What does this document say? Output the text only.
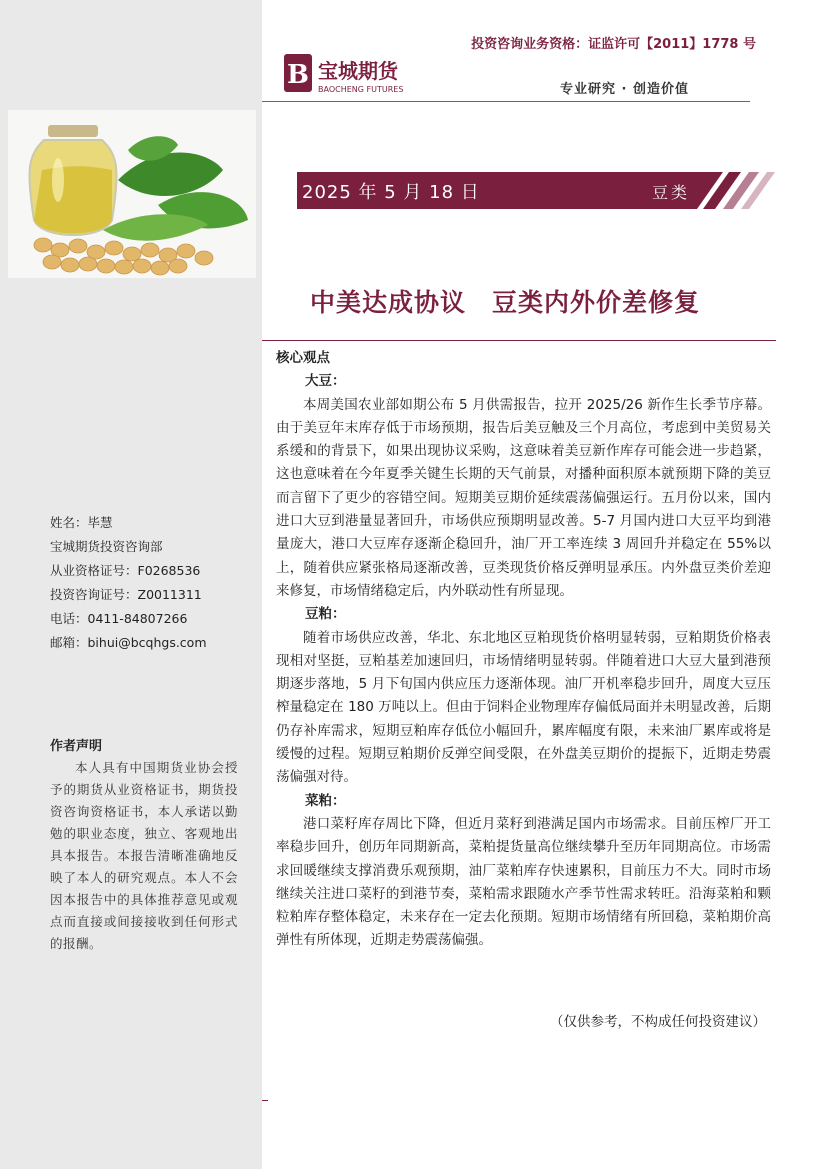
姓名：毕慧
宝城期货投资咨询部
从业资格证号：F0268536
投资咨询证号：Z0011311
电话：0411-84807266
邮箱：bihui@bcqhgs.com
作者声明
本人具有中国期货业协会授予的期货从业资格证书，期货投资咨询资格证书，本人承诺以勤勉的职业态度，独立、客观地出具本报告。本报告清晰准确地反映了本人的研究观点。本人不会因本报告中的具体推荐意见或观点而直接或间接接收到任何形式的报酬。
投资咨询业务资格：证监许可【2011】1778 号
B 宝城期货
BAOCHENG FUTURES	专业研究 · 创造价值
2025 年 5 月 18 日	豆类
中美达成协议　豆类内外价差修复
核心观点
大豆：

本周美国农业部如期公布 5 月供需报告，拉开 2025/26 新作生长季节序幕。由于美豆年末库存低于市场预期，报告后美豆触及三个月高位，考虑到中美贸易关系缓和的背景下，如果出现协议采购，这意味着美豆新作库存可能会进一步趋紧，这也意味着在今年夏季关键生长期的天气前景，对播种面积原本就预期下降的美豆而言留下了更少的容错空间。短期美豆期价延续震荡偏强运行。五月份以来，国内进口大豆到港量显著回升，市场供应预期明显改善。5-7 月国内进口大豆平均到港量庞大，港口大豆库存逐渐企稳回升，油厂开工率连续 3 周回升并稳定在 55%以上，随着供应紧张格局逐渐改善，豆类现货价格反弹明显承压。内外盘豆类价差迎来修复，市场情绪稳定后，内外联动性有所显现。

豆粕：

随着市场供应改善，华北、东北地区豆粕现货价格明显转弱，豆粕期货价格表现相对坚挺，豆粕基差加速回归，市场情绪明显转弱。伴随着进口大豆大量到港预期逐步落地，5 月下旬国内供应压力逐渐体现。油厂开机率稳步回升，周度大豆压榨量稳定在 180 万吨以上。但由于饲料企业物理库存偏低局面并未明显改善，后期仍存补库需求，短期豆粕库存低位小幅回升，累库幅度有限，未来油厂累库或将是缓慢的过程。短期豆粕期价反弹空间受限，在外盘美豆期价的提振下，近期走势震荡偏强对待。

菜粕：

港口菜籽库存周比下降，但近月菜籽到港满足国内市场需求。目前压榨厂开工率稳步回升，创历年同期新高，菜粕提货量高位继续攀升至历年同期高位。市场需求回暖继续支撑消费乐观预期，油厂菜粕库存快速累积，目前压力不大。同时市场继续关注进口菜籽的到港节奏，菜粕需求跟随水产季节性需求转旺。沿海菜粕和颗粒粕库存整体稳定，未来存在一定去化预期。短期市场情绪有所回稳，菜粕期价高弹性有所体现，近期走势震荡偏强。

（仅供参考，不构成任何投资建议）
